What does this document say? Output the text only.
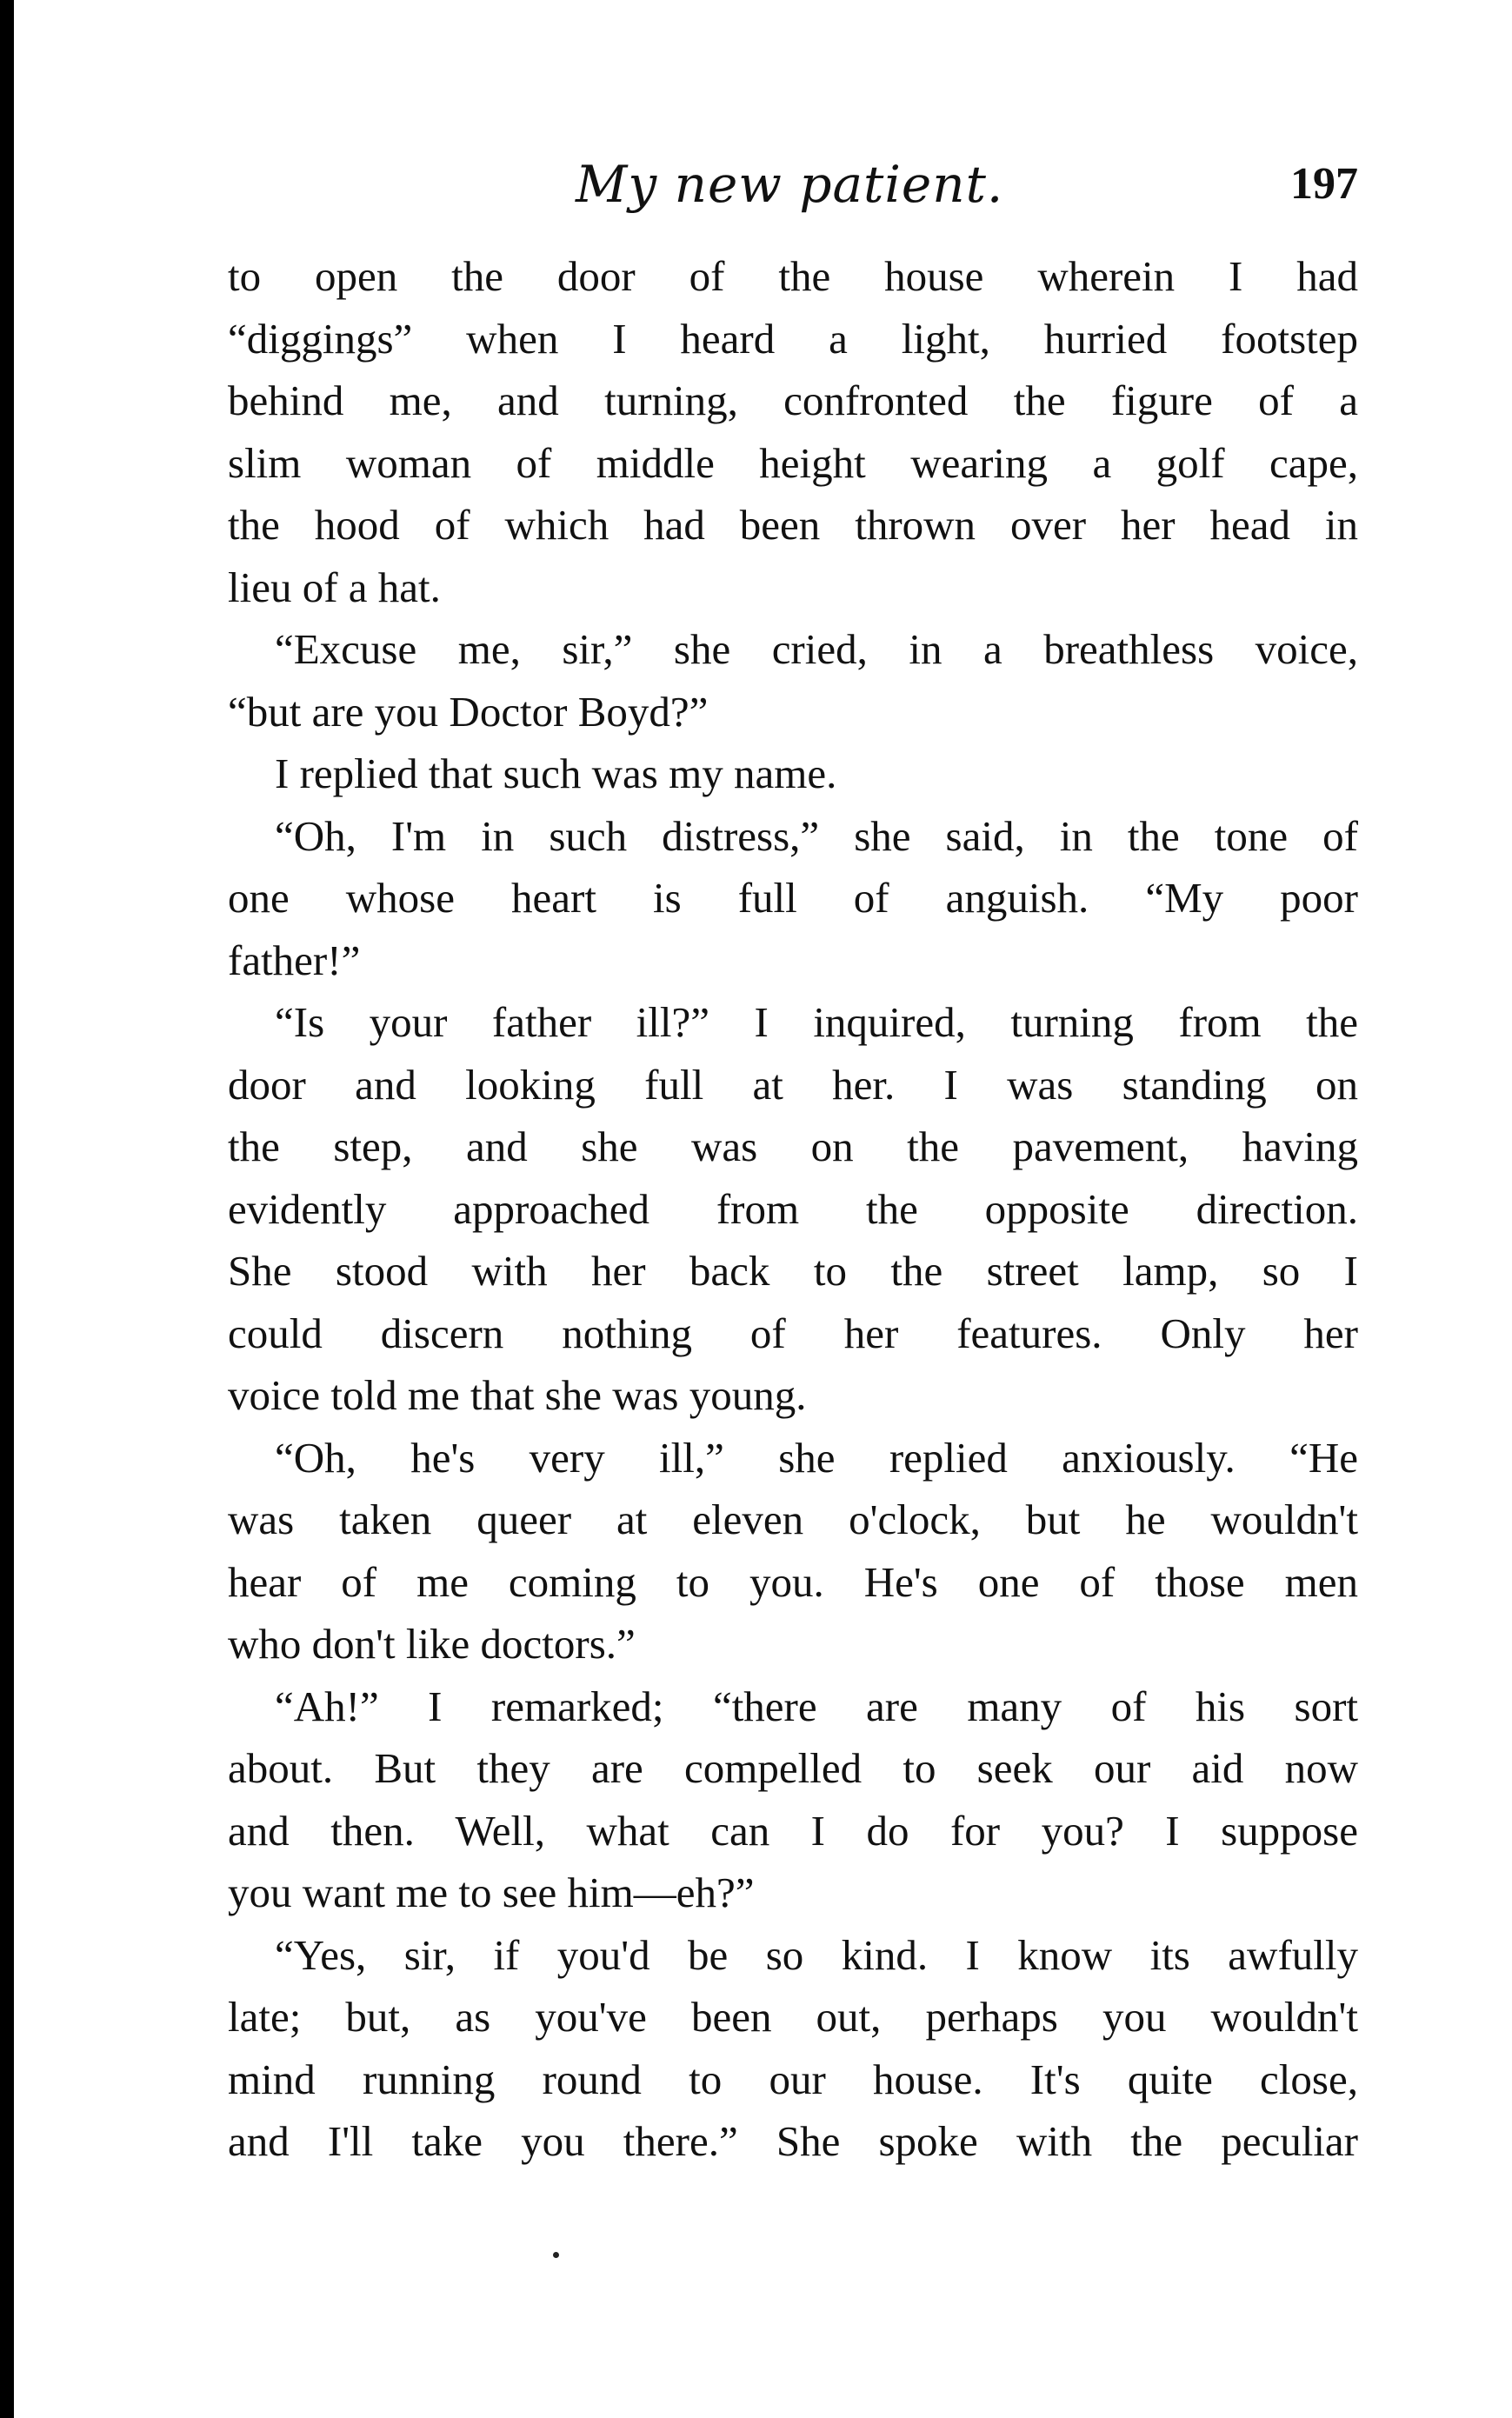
My new patient.	197
to open the door of the house wherein I had
“diggings” when I heard a light, hurried footstep
behind me, and turning, confronted the figure of a
slim woman of middle height wearing a golf cape,
the hood of which had been thrown over her head in
lieu of a hat.
“Excuse me, sir,” she cried, in a breathless voice,
“but are you Doctor Boyd?”
I replied that such was my name.
“Oh, I'm in such distress,” she said, in the tone of
one whose heart is full of anguish. “My poor
father!”
“Is your father ill?” I inquired, turning from the
door and looking full at her. I was standing on
the step, and she was on the pavement, having
evidently approached from the opposite direction.
She stood with her back to the street lamp, so I
could discern nothing of her features. Only her
voice told me that she was young.
“Oh, he's very ill,” she replied anxiously. “He
was taken queer at eleven o'clock, but he wouldn't
hear of me coming to you. He's one of those men
who don't like doctors.”
“Ah!” I remarked; “there are many of his sort
about. But they are compelled to seek our aid now
and then. Well, what can I do for you? I suppose
you want me to see him—eh?”
“Yes, sir, if you'd be so kind. I know its awfully
late; but, as you've been out, perhaps you wouldn't
mind running round to our house. It's quite close,
and I'll take you there.” She spoke with the peculiar
